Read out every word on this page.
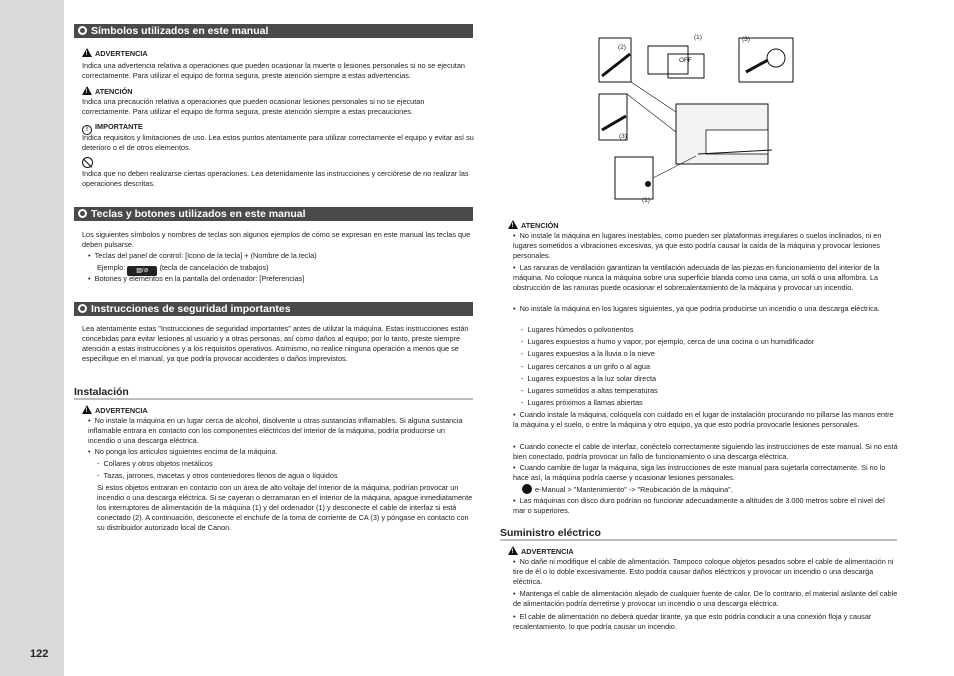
122
Símbolos utilizados en este manual
!ADVERTENCIA
Indica una advertencia relativa a operaciones que pueden ocasionar la muerte o lesiones personales si no se ejecutan correctamente. Para utilizar el equipo de forma segura, preste atención siempre a estas advertencias.
!ATENCIÓN
Indica una precaución relativa a operaciones que pueden ocasionar lesiones personales si no se ejecutan correctamente. Para utilizar el equipo de forma segura, preste atención siempre a estas precauciones.
! IMPORTANTE
Indica requisitos y limitaciones de uso. Lea estos puntos atentamente para utilizar correctamente el equipo y evitar así su deterioro o el de otros elementos.
Indica que no deben realizarse ciertas operaciones. Lea detenidamente las instrucciones y cerciórese de no realizar las operaciones descritas.
Teclas y botones utilizados en este manual
Los siguientes símbolos y nombres de teclas son algunos ejemplos de cómo se expresan en este manual las teclas que deben pulsarse.
•  Teclas del panel de control: [Icono de la tecla] + (Nombre de la tecla)
Ejemplo: ▨/⊘ (tecla de cancelación de trabajos)
•  Botones y elementos en la pantalla del ordenador: [Preferencias]
Instrucciones de seguridad importantes
Lea atentamente estas "Instrucciones de seguridad importantes" antes de utilizar la máquina. Estas instrucciones están concebidas para evitar lesiones al usuario y a otras personas, así como daños al equipo; por lo tanto, preste siempre atención a estas instrucciones y a los requisitos operativos. Asimismo, no realice ninguna operación a menos que se especifique en el manual, ya que podría provocar accidentes o daños imprevistos.
Instalación
!ADVERTENCIA
•  No instale la máquina en un lugar cerca de alcohol, disolvente u otras sustancias inflamables. Si alguna sustancia inflamable entrara en contacto con los componentes eléctricos del interior de la máquina, podría producirse un incendio o una descarga eléctrica.
•  No ponga los artículos siguientes encima de la máquina.
-  Collares y otros objetos metálicos
-  Tazas, jarrones, macetas y otros contenedores llenos de agua o líquidos
Si estos objetos entraran en contacto con un área de alto voltaje del interior de la máquina, podrían provocar un incendio o una descarga eléctrica. Si se cayeran o derramaran en el interior de la máquina, apague inmediatamente los interruptores de alimentación de la máquina (1) y del ordenador (1) y desconecte el cable de interfaz si está conectado (2). A continuación, desconecte el enchufe de la toma de corriente de CA (3) y póngase en contacto con su distribuidor autorizado local de Canon.
(1)
(2)
(3)
OFF
(3)
(1)
!ATENCIÓN
•  No instale la máquina en lugares inestables, como pueden ser plataformas irregulares o suelos inclinados, ni en lugares sometidos a vibraciones excesivas, ya que esto podría causar la caída de la máquina y provocar lesiones personales.
•  Las ranuras de ventilación garantizan la ventilación adecuada de las piezas en funcionamiento del interior de la máquina. No coloque nunca la máquina sobre una superficie blanda como una cama, un sofá o una alfombra. La obstrucción de las ranuras puede ocasionar el sobrecalentamiento de la máquina y provocar un incendio.
•  No instale la máquina en los lugares siguientes, ya que podría producirse un incendio o una descarga eléctrica.
-  Lugares húmedos o polvorientos
-  Lugares expuestos a humo y vapor, por ejemplo, cerca de una cocina o un humidificador
-  Lugares expuestos a la lluvia o la nieve
-  Lugares cercanos a un grifo o al agua
-  Lugares expuestos a la luz solar directa
-  Lugares sometidos a altas temperaturas
-  Lugares próximos a llamas abiertas
•  Cuando instale la máquina, colóquela con cuidado en el lugar de instalación procurando no pillarse las manos entre la máquina y el suelo, o entre la máquina y otro equipo, ya que esto podría provocarle lesiones personales.
•  Cuando conecte el cable de interfaz, conéctelo correctamente siguiendo las instrucciones de este manual. Si no está bien conectado, podría provocar un fallo de funcionamiento o una descarga eléctrica.
•  Cuando cambie de lugar la máquina, siga las instrucciones de este manual para sujetarla correctamente. Si no lo hace así, la máquina podría caerse y ocasionar lesiones personales.
e-Manual > "Mantenimiento" -> "Reubicación de la máquina".
•  Las máquinas con disco duro podrían no funcionar adecuadamente a altitudes de 3.000 metros sobre el nivel del mar o superiores.
Suministro eléctrico
!ADVERTENCIA
•  No dañe ni modifique el cable de alimentación. Tampoco coloque objetos pesados sobre el cable de alimentación ni tire de él o lo doble excesivamente. Esto podría causar daños eléctricos y provocar un incendio o una descarga eléctrica.
•  Mantenga el cable de alimentación alejado de cualquier fuente de calor. De lo contrario, el material aislante del cable de alimentación podría derretirse y provocar un incendio o una descarga eléctrica.
•  El cable de alimentación no deberá quedar tirante, ya que esto podría conducir a una conexión floja y causar recalentamiento, lo que podría causar un incendio.
